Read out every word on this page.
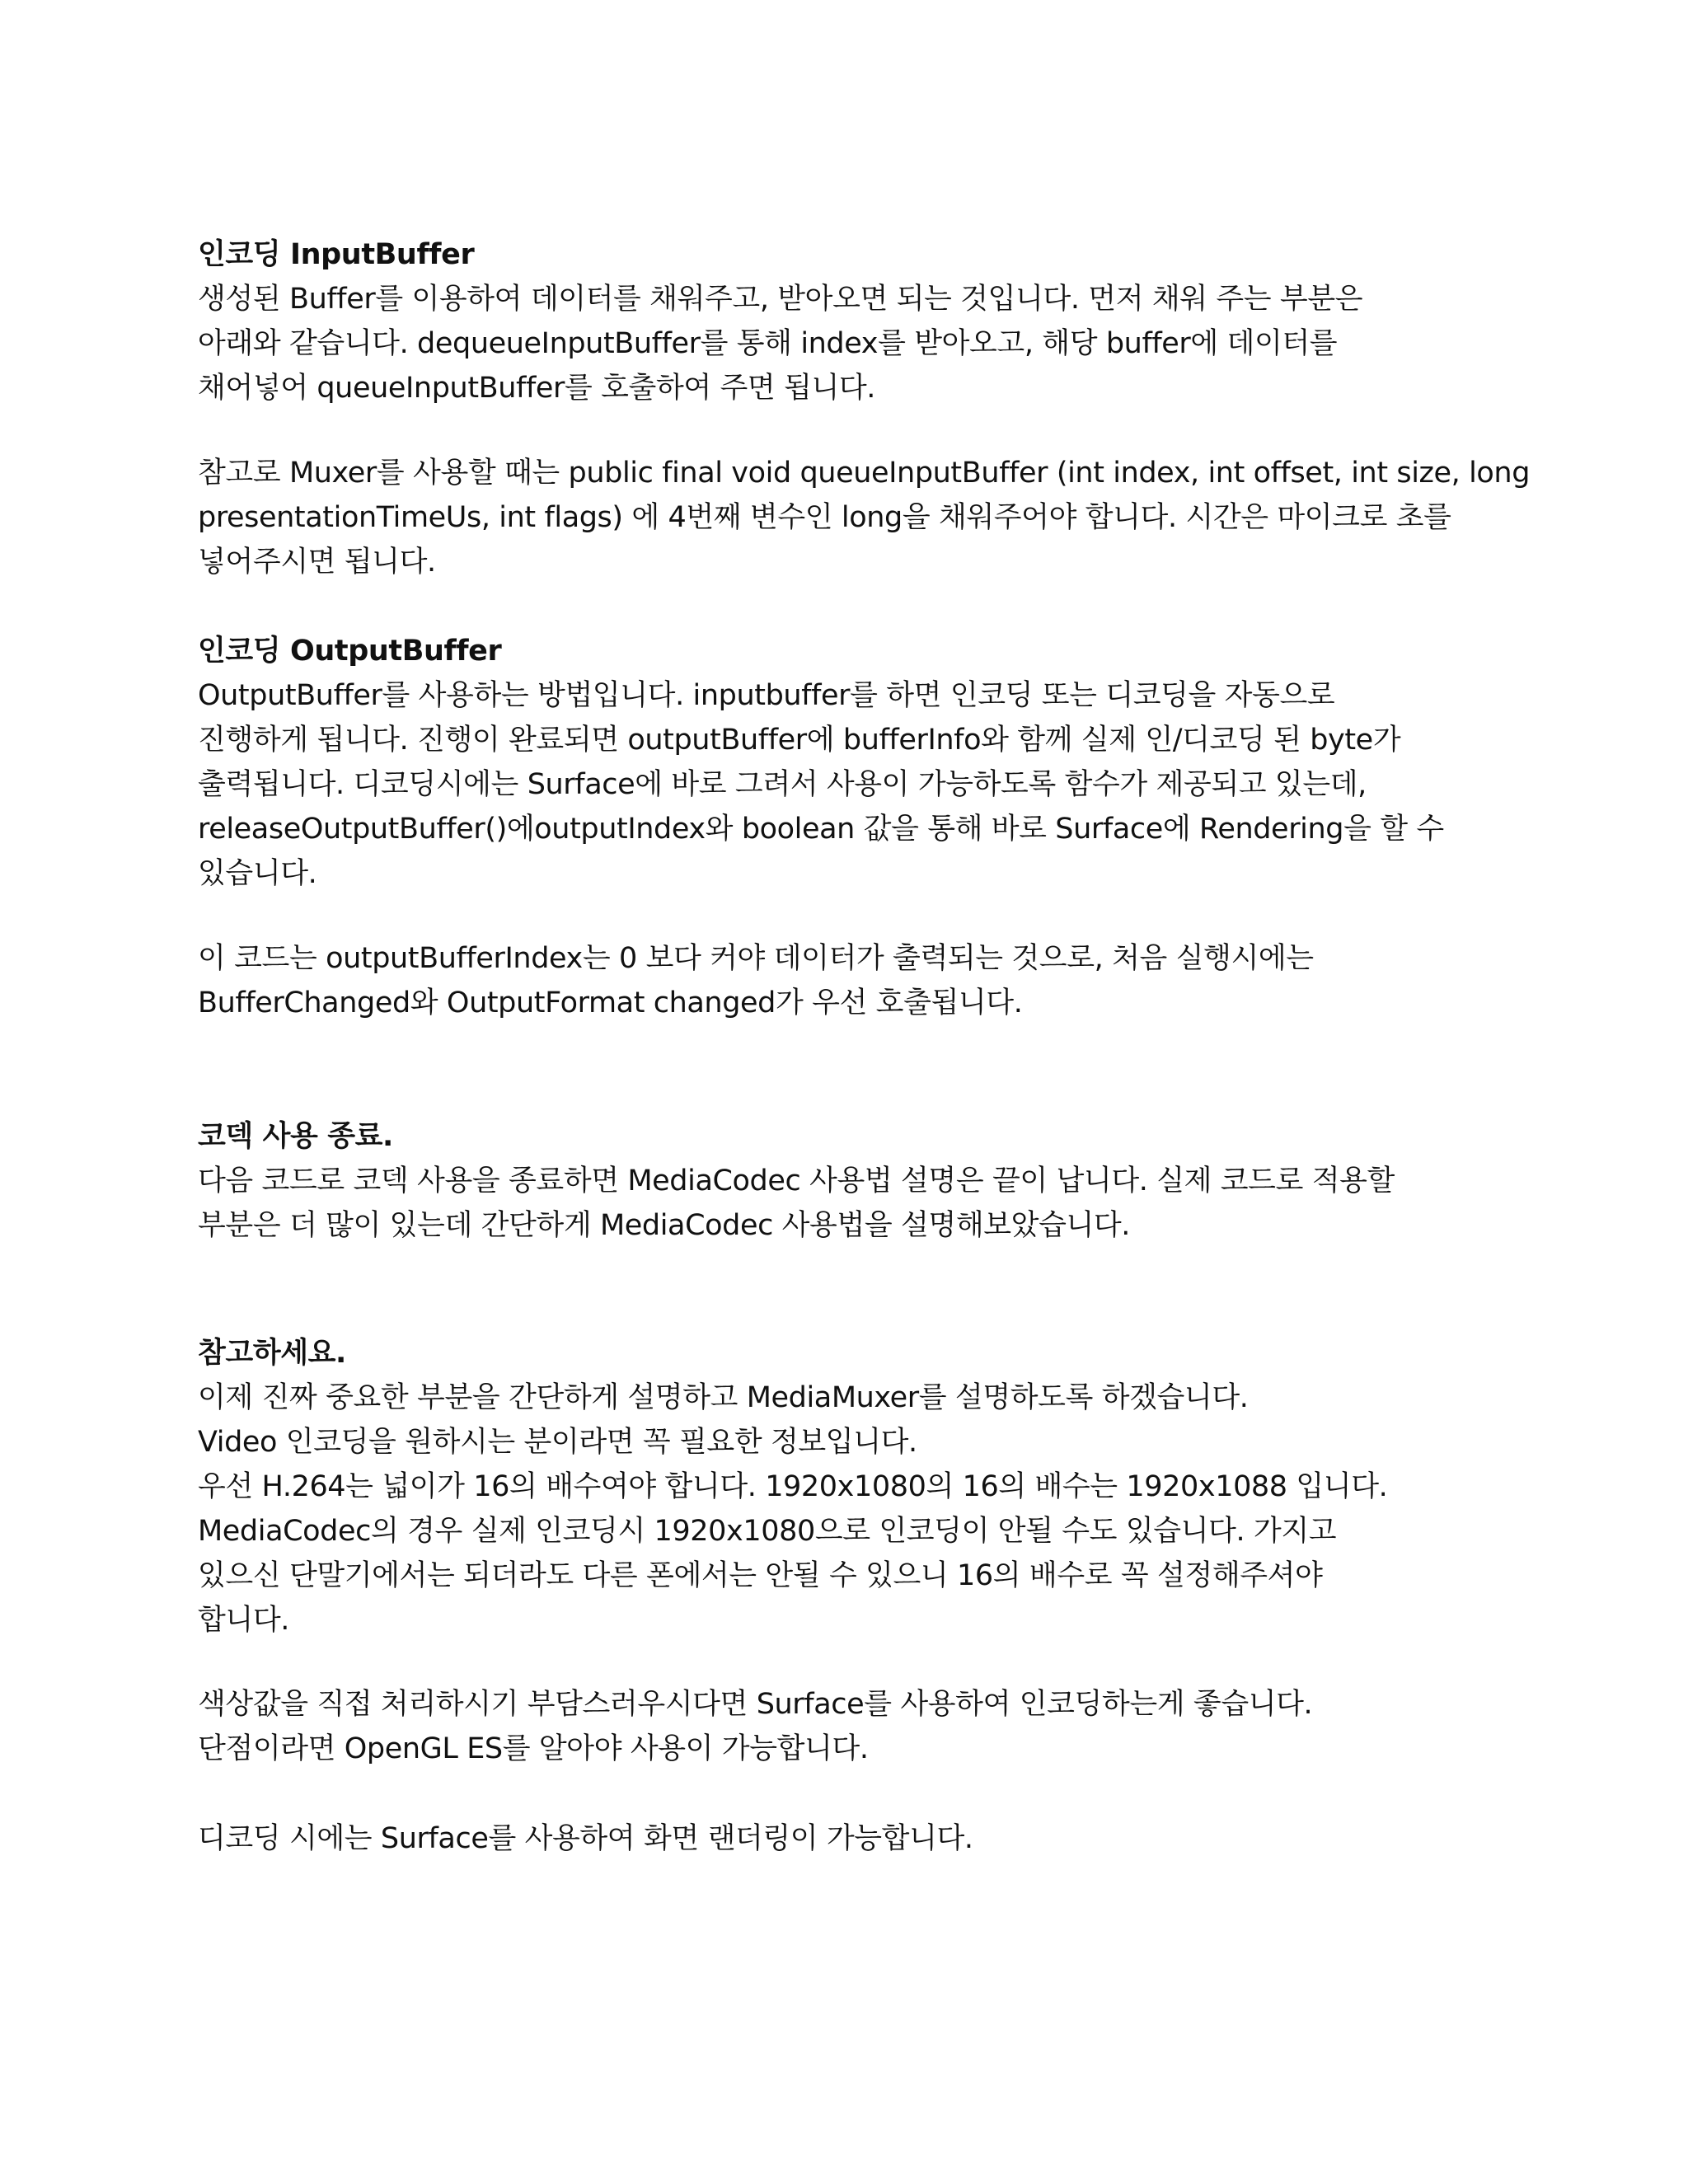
인코딩 InputBuffer
생성된 Buffer를 이용하여 데이터를 채워주고, 받아오면 되는 것입니다. 먼저 채워 주는 부분은
아래와 같습니다. dequeueInputBuffer를 통해 index를 받아오고, 해당 buffer에 데이터를
채어넣어 queueInputBuffer를 호출하여 주면 됩니다.
참고로 Muxer를 사용할 때는 public final void queueInputBuffer (int index, int offset, int size, long
presentationTimeUs, int flags) 에 4번째 변수인 long을 채워주어야 합니다. 시간은 마이크로 초를
넣어주시면 됩니다.
인코딩 OutputBuffer
OutputBuffer를 사용하는 방법입니다. inputbuffer를 하면 인코딩 또는 디코딩을 자동으로
진행하게 됩니다. 진행이 완료되면 outputBuffer에 bufferInfo와 함께 실제 인/디코딩 된 byte가
출력됩니다. 디코딩시에는 Surface에 바로 그려서 사용이 가능하도록 함수가 제공되고 있는데,
releaseOutputBuffer()에outputIndex와 boolean 값을 통해 바로 Surface에 Rendering을 할 수
있습니다.
이 코드는 outputBufferIndex는 0 보다 커야 데이터가 출력되는 것으로, 처음 실행시에는
BufferChanged와 OutputFormat changed가 우선 호출됩니다.
코덱 사용 종료.
다음 코드로 코덱 사용을 종료하면 MediaCodec 사용법 설명은 끝이 납니다. 실제 코드로 적용할
부분은 더 많이 있는데 간단하게 MediaCodec 사용법을 설명해보았습니다.
참고하세요.
이제 진짜 중요한 부분을 간단하게 설명하고 MediaMuxer를 설명하도록 하겠습니다.
Video 인코딩을 원하시는 분이라면 꼭 필요한 정보입니다.
우선 H.264는 넓이가 16의 배수여야 합니다. 1920x1080의 16의 배수는 1920x1088 입니다.
MediaCodec의 경우 실제 인코딩시 1920x1080으로 인코딩이 안될 수도 있습니다. 가지고
있으신 단말기에서는 되더라도 다른 폰에서는 안될 수 있으니 16의 배수로 꼭 설정해주셔야
합니다.
색상값을 직접 처리하시기 부담스러우시다면 Surface를 사용하여 인코딩하는게 좋습니다.
단점이라면 OpenGL ES를 알아야 사용이 가능합니다.
디코딩 시에는 Surface를 사용하여 화면 랜더링이 가능합니다.
